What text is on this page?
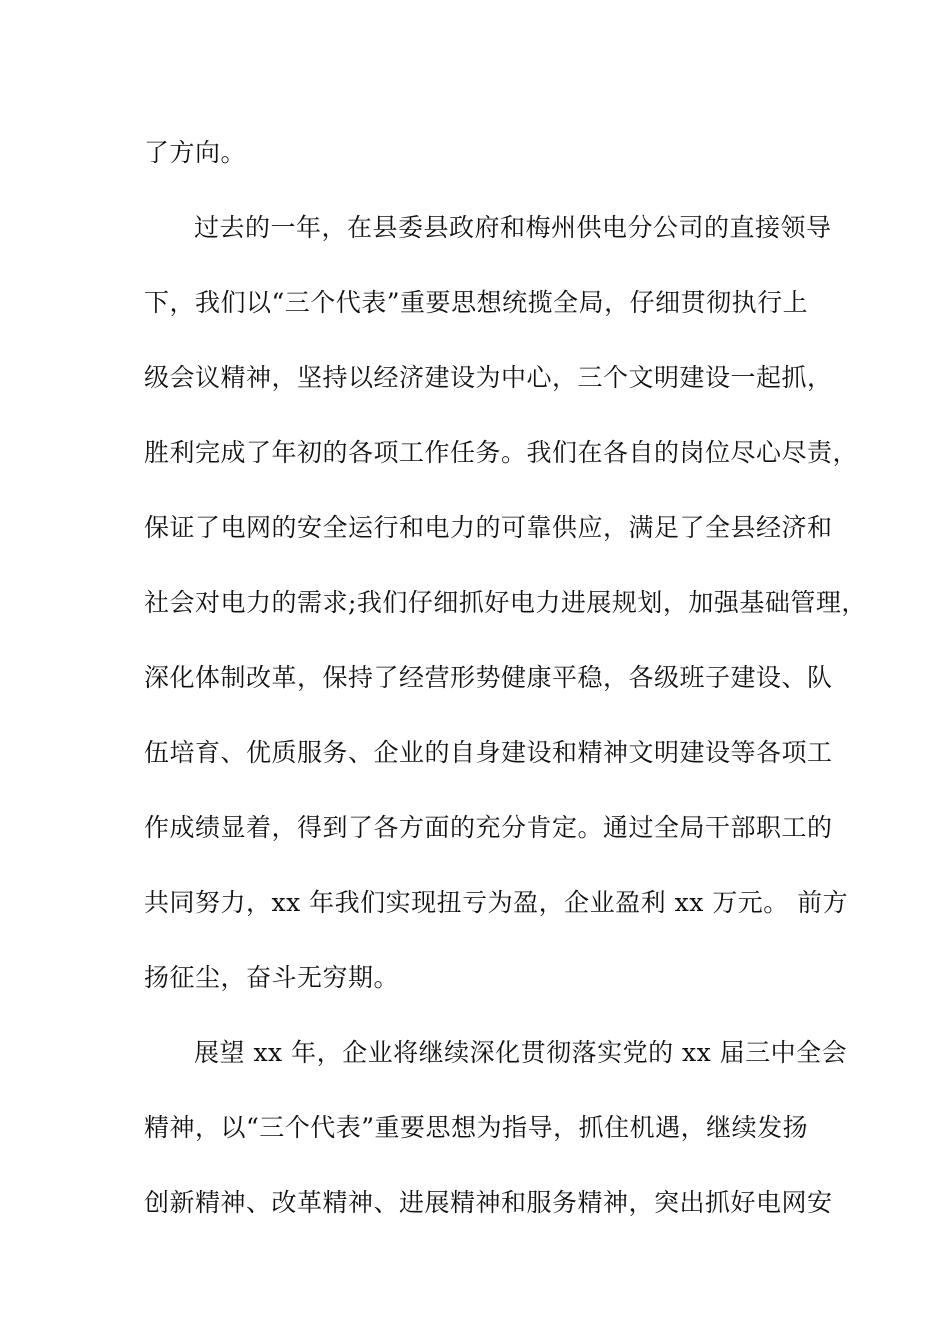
了方向。
过去的一年，在县委县政府和梅州供电分公司的直接领导
下，我们以“三个代表”重要思想统揽全局，仔细贯彻执行上
级会议精神，坚持以经济建设为中心，三个文明建设一起抓，
胜利完成了年初的各项工作任务。我们在各自的岗位尽心尽责，
保证了电网的安全运行和电力的可靠供应，满足了全县经济和
社会对电力的需求;我们仔细抓好电力进展规划，加强基础管理，
深化体制改革，保持了经营形势健康平稳，各级班子建设、队
伍培育、优质服务、企业的自身建设和精神文明建设等各项工
作成绩显着，得到了各方面的充分肯定。通过全局干部职工的
共同努力，xx 年我们实现扭亏为盈，企业盈利 xx 万元。 前方
扬征尘，奋斗无穷期。
展望 xx 年，企业将继续深化贯彻落实党的 xx 届三中全会
精神，以“三个代表”重要思想为指导，抓住机遇，继续发扬
创新精神、改革精神、进展精神和服务精神，突出抓好电网安
